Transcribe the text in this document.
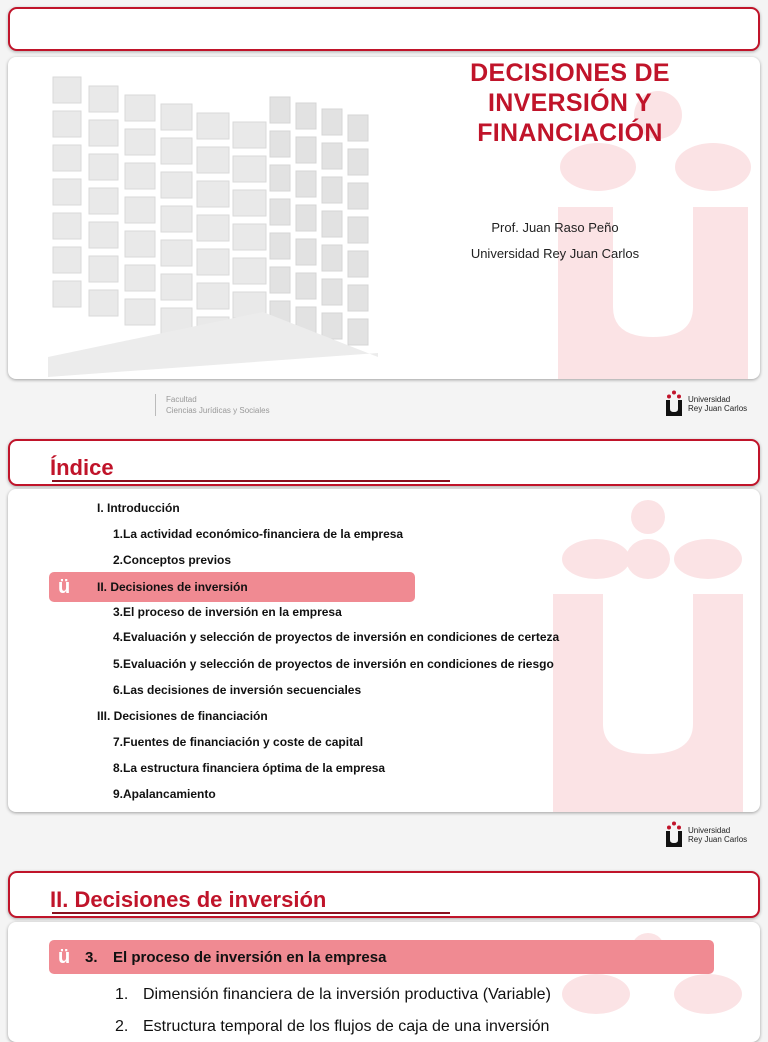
DECISIONES DE
INVERSIÓN Y
FINANCIACIÓN
Prof. Juan Raso Peño
Universidad Rey Juan Carlos
Facultad
Ciencias Jurídicas y Sociales
Universidad
Rey Juan Carlos
Índice
ü
I. Introducción
1.La actividad económico-financiera de la empresa
2.Conceptos previos
II. Decisiones de inversión
3.El proceso de inversión en la empresa
4.Evaluación y selección de proyectos de inversión en condiciones de certeza
5.Evaluación y selección de proyectos de inversión en condiciones de riesgo
6.Las decisiones de inversión secuenciales
III. Decisiones de financiación
7.Fuentes de financiación y coste de capital
8.La estructura financiera óptima de la empresa
9.Apalancamiento
Universidad
Rey Juan Carlos
II. Decisiones de inversión
ü 3. El proceso de inversión en la empresa
1. Dimensión financiera de la inversión productiva (Variable)
2. Estructura temporal de los flujos de caja de una inversión
